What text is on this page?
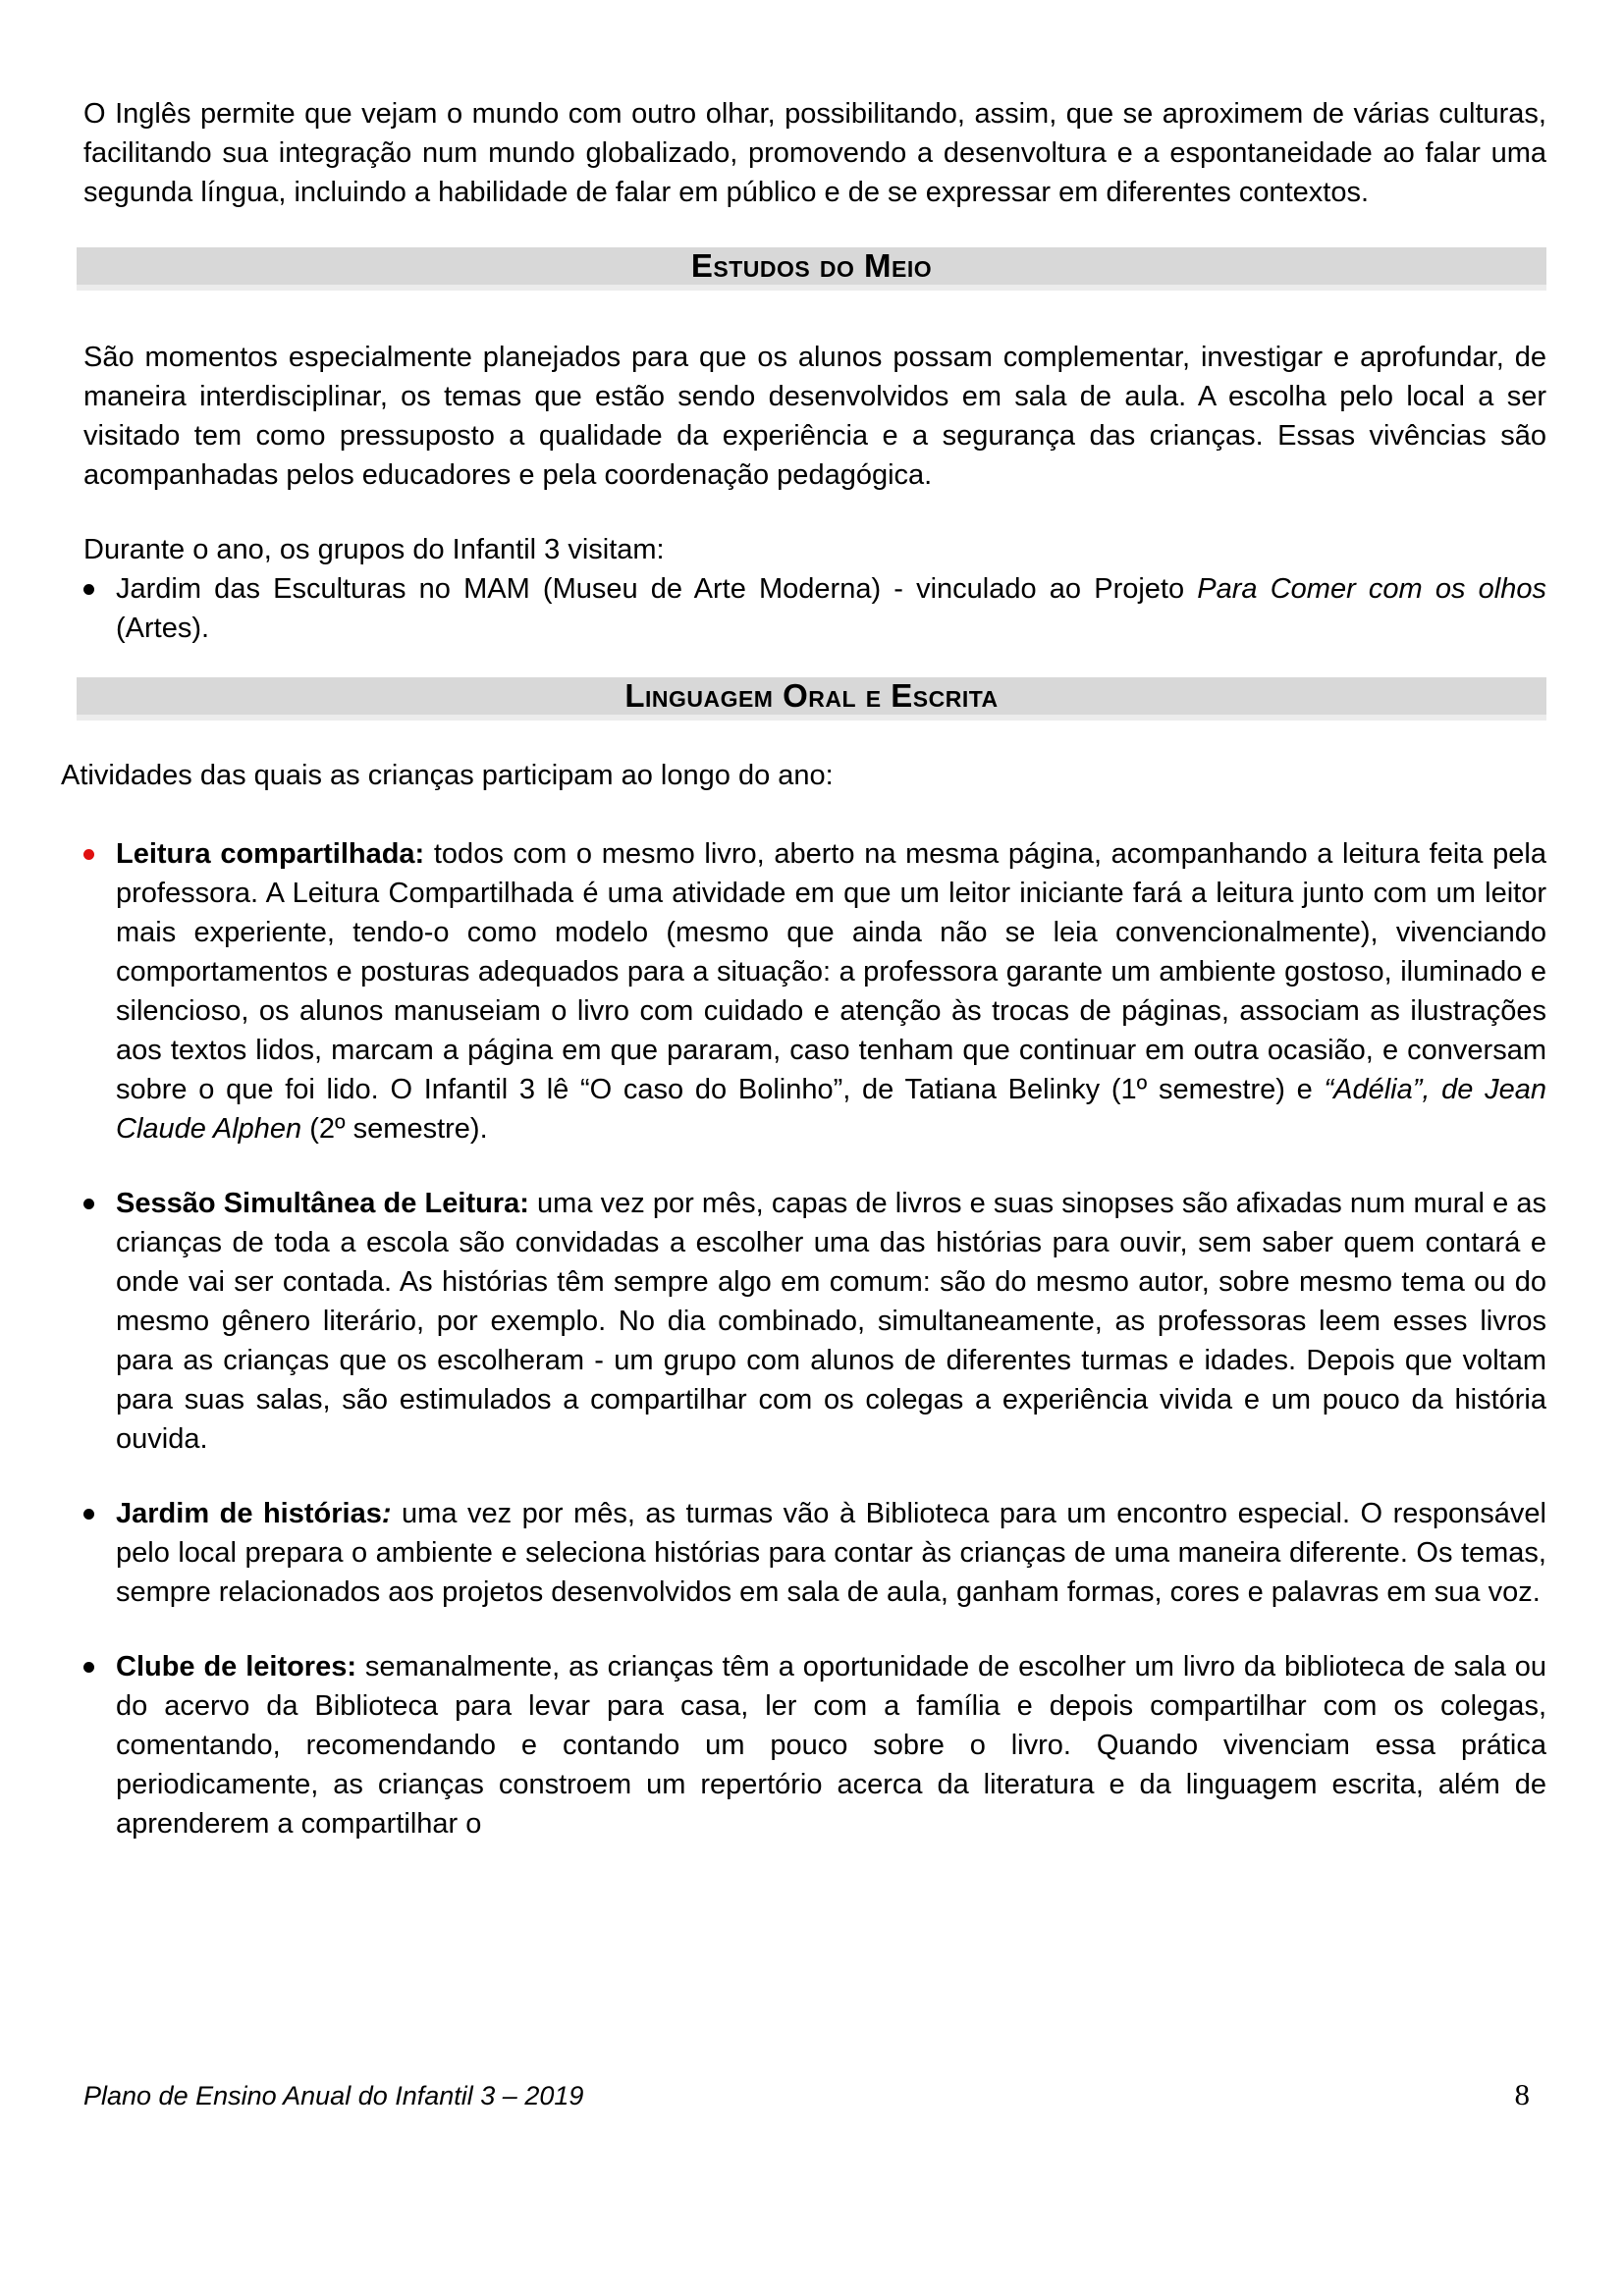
O Inglês permite que vejam o mundo com outro olhar, possibilitando, assim, que se aproximem de várias culturas, facilitando sua integração num mundo globalizado, promovendo a desenvoltura e a espontaneidade ao falar uma segunda língua, incluindo a habilidade de falar em público e de se expressar em diferentes contextos.

Estudos do Meio

São momentos especialmente planejados para que os alunos possam complementar, investigar e aprofundar, de maneira interdisciplinar, os temas que estão sendo desenvolvidos em sala de aula. A escolha pelo local a ser visitado tem como pressuposto a qualidade da experiência e a segurança das crianças. Essas vivências são acompanhadas pelos educadores e pela coordenação pedagógica.

Durante o ano, os grupos do Infantil 3 visitam:

Jardim das Esculturas no MAM (Museu de Arte Moderna) - vinculado ao Projeto Para Comer com os olhos (Artes).
Linguagem Oral e Escrita

Atividades das quais as crianças participam ao longo do ano:

Leitura compartilhada: todos com o mesmo livro, aberto na mesma página, acompanhando a leitura feita pela professora. A Leitura Compartilhada é uma atividade em que um leitor iniciante fará a leitura junto com um leitor mais experiente, tendo-o como modelo (mesmo que ainda não se leia convencionalmente), vivenciando comportamentos e posturas adequados para a situação: a professora garante um ambiente gostoso, iluminado e silencioso, os alunos manuseiam o livro com cuidado e atenção às trocas de páginas, associam as ilustrações aos textos lidos, marcam a página em que pararam, caso tenham que continuar em outra ocasião, e conversam sobre o que foi lido. O Infantil 3 lê “O caso do Bolinho”, de Tatiana Belinky (1º semestre) e “Adélia”, de Jean Claude Alphen (2º semestre).
Sessão Simultânea de Leitura: uma vez por mês, capas de livros e suas sinopses são afixadas num mural e as crianças de toda a escola são convidadas a escolher uma das histórias para ouvir, sem saber quem contará e onde vai ser contada. As histórias têm sempre algo em comum: são do mesmo autor, sobre mesmo tema ou do mesmo gênero literário, por exemplo. No dia combinado, simultaneamente, as professoras leem esses livros para as crianças que os escolheram - um grupo com alunos de diferentes turmas e idades. Depois que voltam para suas salas, são estimulados a compartilhar com os colegas a experiência vivida e um pouco da história ouvida.
Jardim de histórias: uma vez por mês, as turmas vão à Biblioteca para um encontro especial. O responsável pelo local prepara o ambiente e seleciona histórias para contar às crianças de uma maneira diferente. Os temas, sempre relacionados aos projetos desenvolvidos em sala de aula, ganham formas, cores e palavras em sua voz.
Clube de leitores: semanalmente, as crianças têm a oportunidade de escolher um livro da biblioteca de sala ou do acervo da Biblioteca para levar para casa, ler com a família e depois compartilhar com os colegas, comentando, recomendando e contando um pouco sobre o livro. Quando vivenciam essa prática periodicamente, as crianças constroem um repertório acerca da literatura e da linguagem escrita, além de aprenderem a compartilhar o
Plano de Ensino Anual do Infantil 3 – 2019	8
